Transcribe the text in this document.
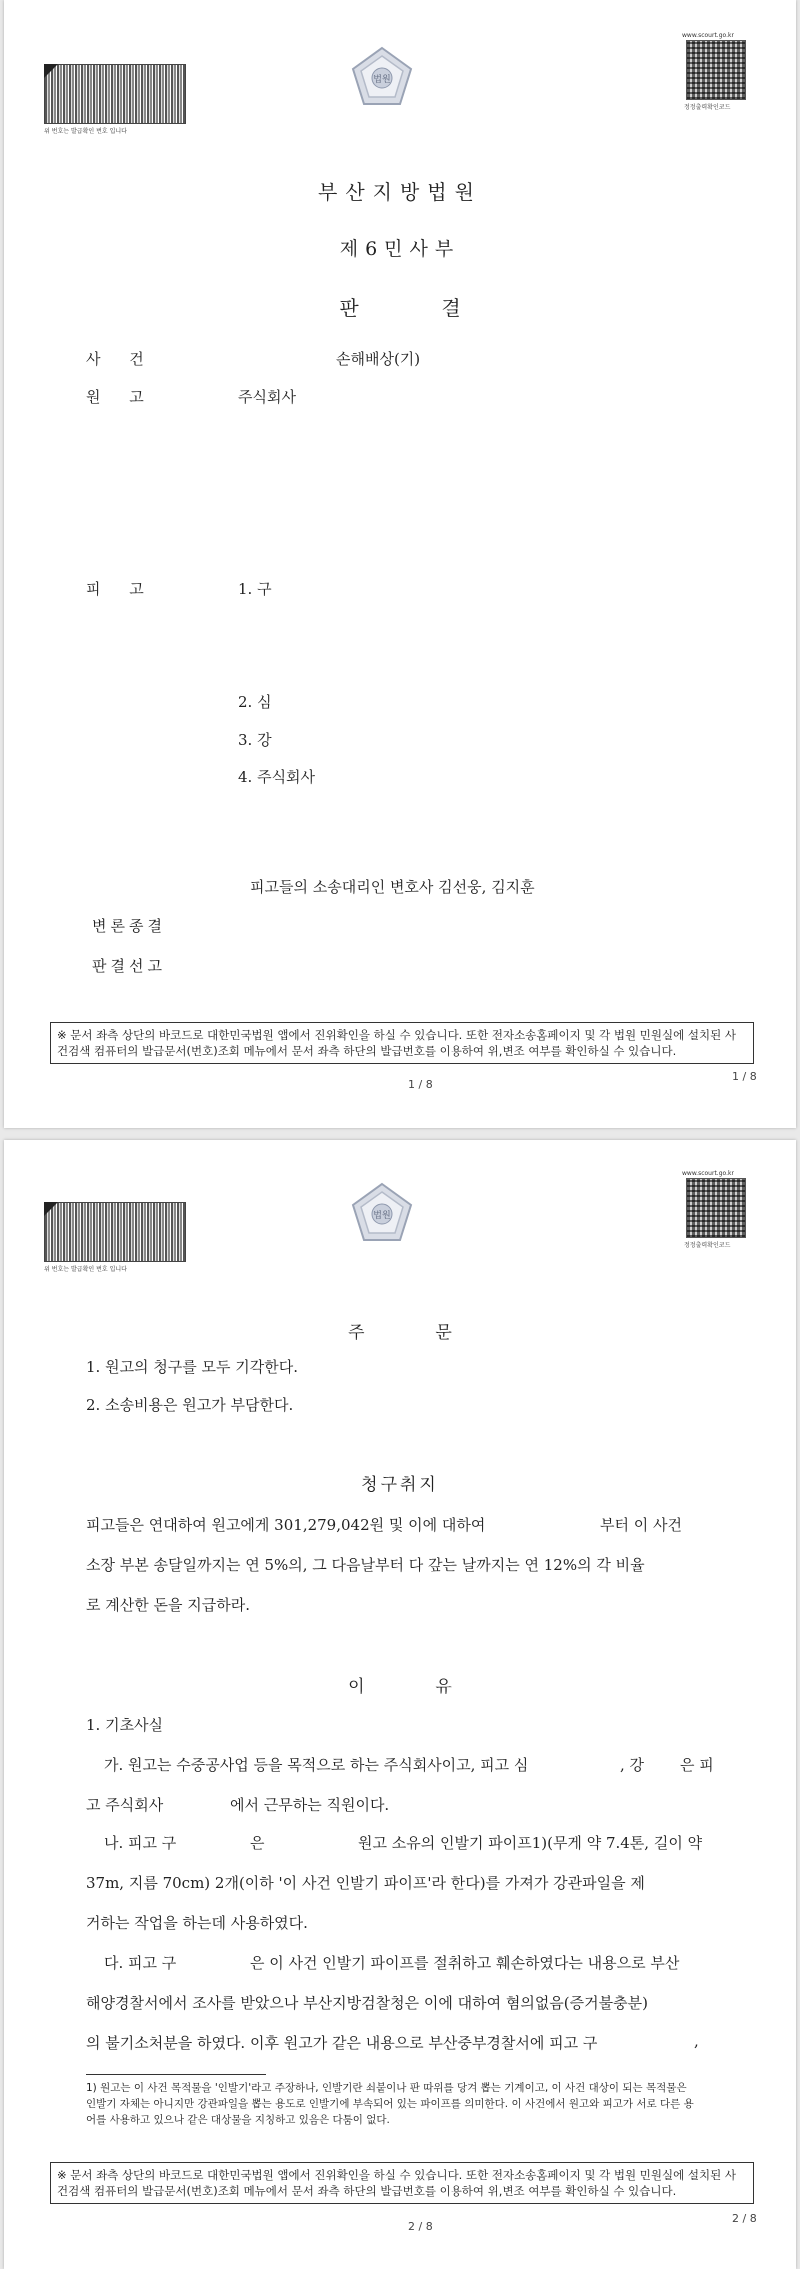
위 번호는 발급확인 번호 입니다
법원
www.scourt.go.kr
정정출력확인코드
부산지방법원
제6민사부
판	결
사 건	손해배상(기)
원 고	주식회사
피 고	1. 구
2. 심
3. 강
4. 주식회사
피고들의 소송대리인 변호사 김선웅, 김지훈
변론종결
판결선고
※ 문서 좌측 상단의 바코드로 대한민국법원 앱에서 진위확인을 하실 수 있습니다. 또한 전자소송홈페이지 및 각 법원 민원실에 설치된 사건검색 컴퓨터의 발급문서(번호)조회 메뉴에서 문서 좌측 하단의 발급번호를 이용하여 위,변조 여부를 확인하실 수 있습니다.
1 / 8
1 / 8
위 번호는 발급확인 번호 입니다
법원
www.scourt.go.kr
정정출력확인코드
주	문
1. 원고의 청구를 모두 기각한다.
2. 소송비용은 원고가 부담한다.
청구취지
피고들은 연대하여 원고에게 301,279,042원 및 이에 대하여	부터 이 사건
소장 부본 송달일까지는 연 5%의, 그 다음날부터 다 갚는 날까지는 연 12%의 각 비율
로 계산한 돈을 지급하라.
이	유
1. 기초사실
가. 원고는 수중공사업 등을 목적으로 하는 주식회사이고, 피고 심	, 강 은 피
고 주식회사	에서 근무하는 직원이다.
나. 피고 구	은	원고 소유의 인발기 파이프1)(무게 약 7.4톤, 길이 약
37m, 지름 70cm) 2개(이하 '이 사건 인발기 파이프'라 한다)를 가져가 강관파일을 제
거하는 작업을 하는데 사용하였다.
다. 피고 구	은 이 사건 인발기 파이프를 절취하고 훼손하였다는 내용으로 부산
해양경찰서에서 조사를 받았으나 부산지방검찰청은 이에 대하여 혐의없음(증거불충분)
의 불기소처분을 하였다. 이후 원고가 같은 내용으로 부산중부경찰서에 피고 구	,
1) 원고는 이 사건 목적물을 '인발기'라고 주장하나, 인발기란 쇠붙이나 판 따위를 당겨 뽑는 기계이고, 이 사건 대상이 되는 목적물은 인발기 자체는 아니지만 강관파일을 뽑는 용도로 인발기에 부속되어 있는 파이프를 의미한다. 이 사건에서 원고와 피고가 서로 다른 용어를 사용하고 있으나 같은 대상물을 지칭하고 있음은 다툼이 없다.
※ 문서 좌측 상단의 바코드로 대한민국법원 앱에서 진위확인을 하실 수 있습니다. 또한 전자소송홈페이지 및 각 법원 민원실에 설치된 사건검색 컴퓨터의 발급문서(번호)조회 메뉴에서 문서 좌측 하단의 발급번호를 이용하여 위,변조 여부를 확인하실 수 있습니다.
2 / 8
2 / 8
